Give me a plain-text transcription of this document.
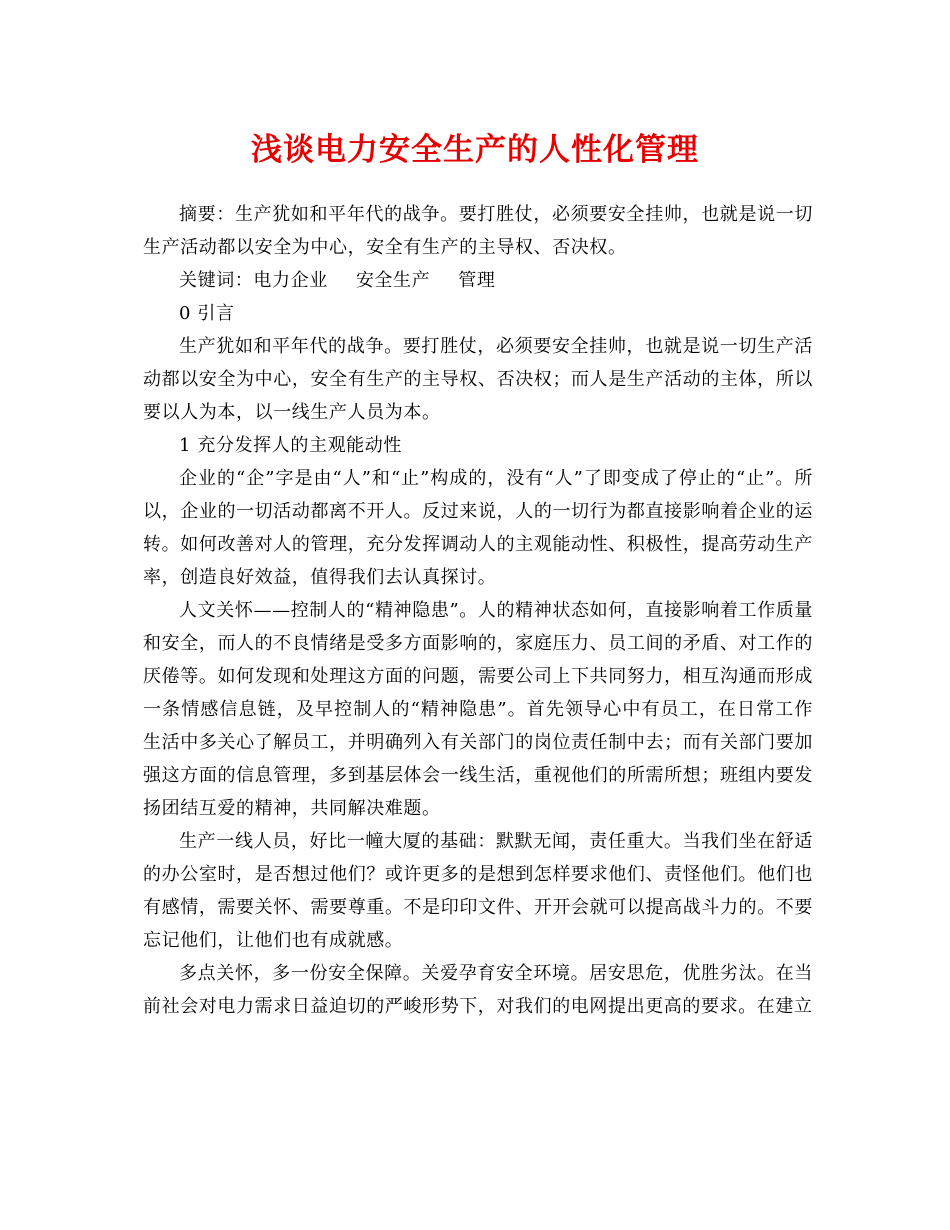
浅谈电力安全生产的人性化管理

摘要：生产犹如和平年代的战争。要打胜仗，必须要安全挂帅，也就是说一切生产活动都以安全为中心，安全有生产的主导权、否决权。

关键词：电力企业 安全生产 管理

0 引言

生产犹如和平年代的战争。要打胜仗，必须要安全挂帅，也就是说一切生产活动都以安全为中心，安全有生产的主导权、否决权；而人是生产活动的主体，所以要以人为本，以一线生产人员为本。

1 充分发挥人的主观能动性

企业的“企”字是由“人”和“止”构成的，没有“人”了即变成了停止的“止”。所以，企业的一切活动都离不开人。反过来说，人的一切行为都直接影响着企业的运转。如何改善对人的管理，充分发挥调动人的主观能动性、积极性，提高劳动生产率，创造良好效益，值得我们去认真探讨。

人文关怀——控制人的“精神隐患”。人的精神状态如何，直接影响着工作质量和安全，而人的不良情绪是受多方面影响的，家庭压力、员工间的矛盾、对工作的厌倦等。如何发现和处理这方面的问题，需要公司上下共同努力，相互沟通而形成一条情感信息链，及早控制人的“精神隐患”。首先领导心中有员工，在日常工作生活中多关心了解员工，并明确列入有关部门的岗位责任制中去；而有关部门要加强这方面的信息管理，多到基层体会一线生活，重视他们的所需所想；班组内要发扬团结互爱的精神，共同解决难题。

生产一线人员，好比一幢大厦的基础：默默无闻，责任重大。当我们坐在舒适的办公室时，是否想过他们？或许更多的是想到怎样要求他们、责怪他们。他们也有感情，需要关怀、需要尊重。不是印印文件、开开会就可以提高战斗力的。不要忘记他们，让他们也有成就感。

多点关怀，多一份安全保障。关爱孕育安全环境。居安思危，优胜劣汰。在当前社会对电力需求日益迫切的严峻形势下，对我们的电网提出更高的要求。在建立
